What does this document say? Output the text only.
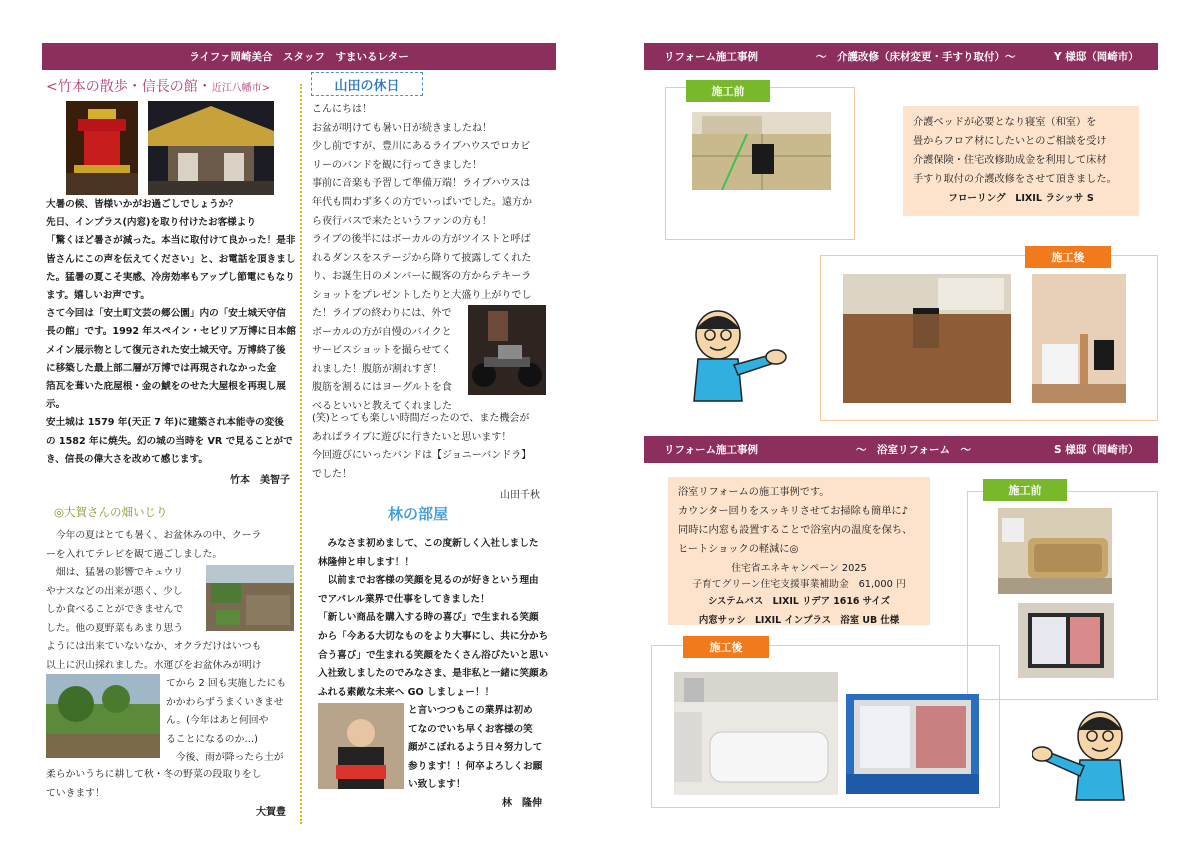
ライファ岡崎美合　スタッフ　すまいるレター
<竹本の散歩・信長の館・近江八幡市>

大暑の候、皆様いかがお過ごしでしょうか？

先日、インプラス(内窓)を取り付けたお客様より

「驚くほど暑さが減った。本当に取付けて良かった！是非

皆さんにこの声を伝えてください」と、お電話を頂きまし

た。猛暑の夏こそ実感、冷房効率もアップし節電にもなり

ます。嬉しいお声です。

さて今回は「安土町文芸の郷公園」内の「安土城天守信

長の館」です。1992 年スペイン・セビリア万博に日本館

メイン展示物として復元された安土城天守。万博終了後

に移築した最上部二層が万博では再現されなかった金

箔瓦を葺いた庇屋根・金の鯱をのせた大屋根を再現し展

示。

安土城は 1579 年(天正 7 年)に建築され本能寺の変後

の 1582 年に焼失。幻の城の当時を VR で見ることがで

き、信長の偉大さを改めて感じます。

竹本　美智子
◎大賀さんの畑いじり

　今年の夏はとても暑く、お盆休みの中、クーラ

ーを入れてテレビを観て過ごしました。

　畑は、猛暑の影響でキュウリ

やナスなどの出来が悪く、少し

しか食べることができませんで

した。他の夏野菜もあまり思う

ようには出来ていないなか、オクラだけはいつも

以上に沢山採れました。水運びをお盆休みが明け

てから 2 回も実施したにも

かかわらずうまくいきませ

ん。(今年はあと何回や

ることになるのか…)

　今後、雨が降ったら土が

柔らかいうちに耕して秋・冬の野菜の段取りをし

ていきます！

大賀豊
山田の休日

こんにちは！

お盆が明けても暑い日が続きましたね！

少し前ですが、豊川にあるライブハウスでロカビ

リーのバンドを観に行ってきました！

事前に音楽も予習して準備万端！ライブハウスは

年代も問わず多くの方でいっぱいでした。遠方か

ら夜行バスで来たというファンの方も！

ライブの後半にはボーカルの方がツイストと呼ば

れるダンスをステージから降りて披露してくれた

り、お誕生日のメンバーに観客の方からテキーラ

ショットをプレゼントしたりと大盛り上がりでし

た！ライブの終わりには、外で

ボーカルの方が自慢のバイクと

サービスショットを撮らせてく

れました！腹筋が割れすぎ！

腹筋を割るにはヨーグルトを食

べるといいと教えてくれました

(笑)とっても楽しい時間だったので、また機会が

あればライブに遊びに行きたいと思います！

今回遊びにいったバンドは【ジョニーバンドラ】

でした！

山田千秋
林の部屋

　みなさま初めまして、この度新しく入社しました

林隆伸と申します！！

　以前までお客様の笑顔を見るのが好きという理由

でアパレル業界で仕事をしてきました！

「新しい商品を購入する時の喜び」で生まれる笑顔

から「今ある大切なものをより大事にし、共に分かち

合う喜び」で生まれる笑顔をたくさん浴びたいと思い

入社致しましたのでみなさま、是非私と一緒に笑顔あ

ふれる素敵な未来へ GO しましょー！！

と言いつつもこの業界は初め

てなのでいち早くお客様の笑

顔がこぼれるよう日々努力して

参ります！！何卒よろしくお願

い致します！

林　隆伸
リフォーム施工事例	～　介護改修（床材変更・手すり取付）～	Y 様邸（岡崎市）
施工前

介護ベッドが必要となり寝室（和室）を

畳からフロア材にしたいとのご相談を受け

介護保険・住宅改修助成金を利用して床材

手すり取付の介護改修をさせて頂きました。

フローリング　LIXIL ラシッサ S

施工後
リフォーム施工事例	～　浴室リフォーム　～	S 様邸（岡崎市）

浴室リフォームの施工事例です。

カウンター回りをスッキリさせてお掃除も簡単に♪

同時に内窓も設置することで浴室内の温度を保ち、

ヒートショックの軽減に◎

住宅省エネキャンペーン 2025

子育てグリーン住宅支援事業補助金　61,000 円

システムバス　LIXIL リデア 1616 サイズ

内窓サッシ　LIXIL インプラス　浴室 UB 仕様

施工前
施工後
